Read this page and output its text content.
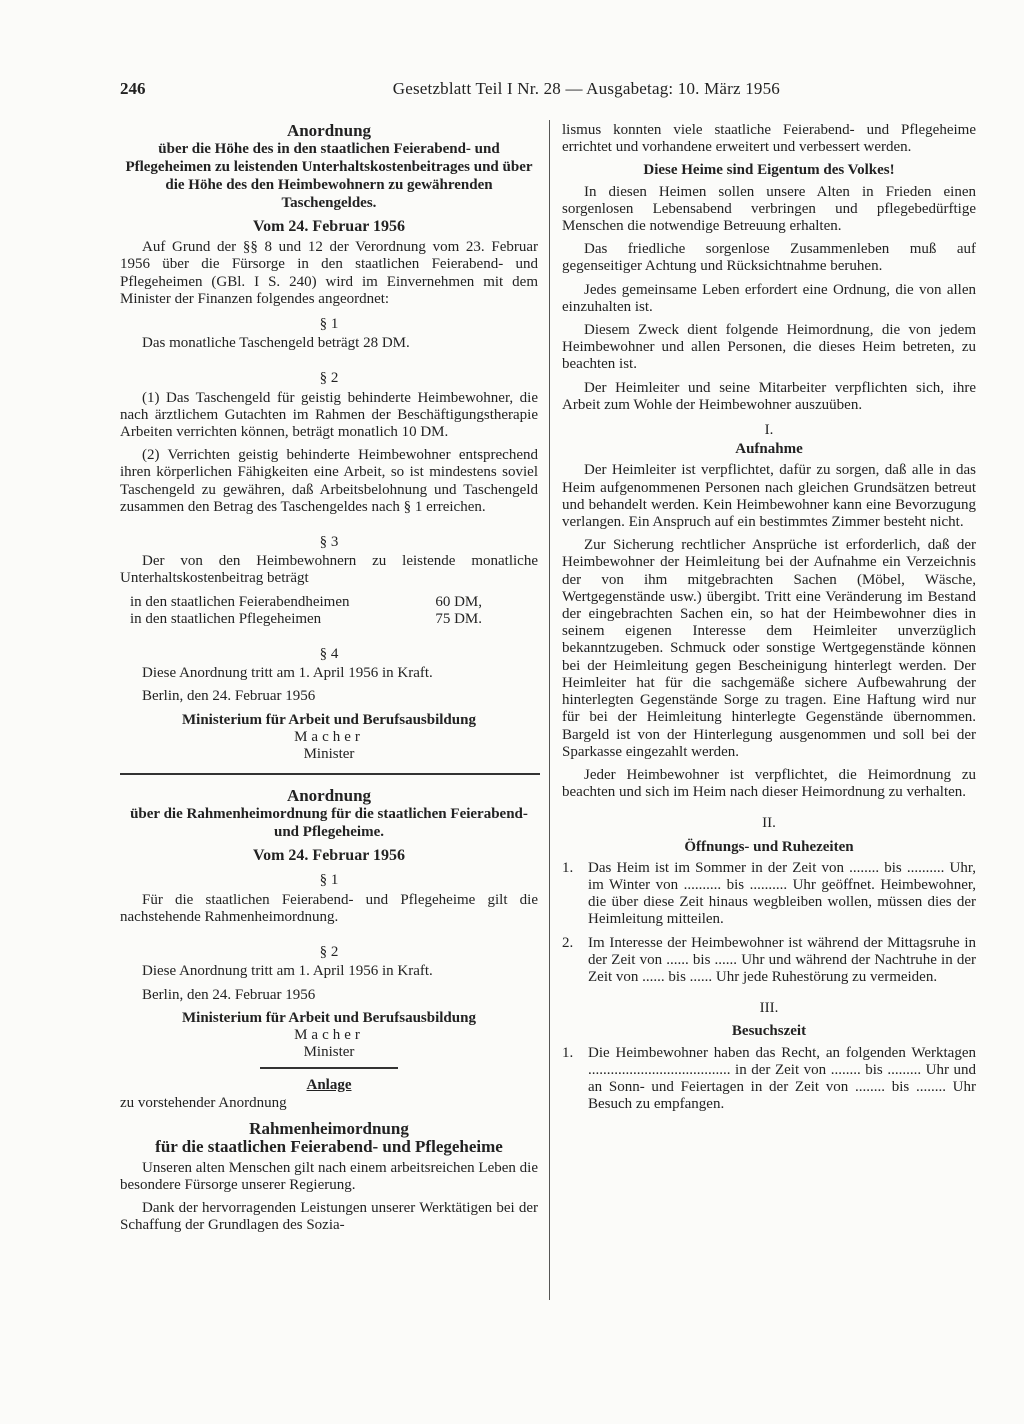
246	Gesetzblatt Teil I Nr. 28 — Ausgabetag: 10. März 1956
Anordnung
über die Höhe des in den staatlichen Feierabend- und Pflegeheimen zu leistenden Unterhaltskostenbeitrages und über die Höhe des den Heimbewohnern zu gewährenden Taschengeldes.
Vom 24. Februar 1956

Auf Grund der §§ 8 und 12 der Verordnung vom 23. Februar 1956 über die Fürsorge in den staatlichen Feierabend- und Pflegeheimen (GBl. I S. 240) wird im Einvernehmen mit dem Minister der Finanzen folgendes angeordnet:

§ 1

Das monatliche Taschengeld beträgt 28 DM.

§ 2

(1) Das Taschengeld für geistig behinderte Heimbewohner, die nach ärztlichem Gutachten im Rahmen der Beschäftigungstherapie Arbeiten verrichten können, beträgt monatlich 10 DM.

(2) Verrichten geistig behinderte Heimbewohner entsprechend ihren körperlichen Fähigkeiten eine Arbeit, so ist mindestens soviel Taschengeld zu gewähren, daß Arbeitsbelohnung und Taschengeld zusammen den Betrag des Taschengeldes nach § 1 erreichen.

§ 3

Der von den Heimbewohnern zu leistende monatliche Unterhaltskostenbeitrag beträgt

in den staatlichen Feierabendheimen	60 DM,
in den staatlichen Pflegeheimen	75 DM.
§ 4

Diese Anordnung tritt am 1. April 1956 in Kraft.

Berlin, den 24. Februar 1956

Ministerium für Arbeit und Berufsausbildung
Macher
Minister
Anordnung
über die Rahmenheimordnung für die staatlichen Feierabend- und Pflegeheime.
Vom 24. Februar 1956
§ 1

Für die staatlichen Feierabend- und Pflegeheime gilt die nachstehende Rahmenheimordnung.

§ 2

Diese Anordnung tritt am 1. April 1956 in Kraft.

Berlin, den 24. Februar 1956

Ministerium für Arbeit und Berufsausbildung
Macher
Minister
Anlage
zu vorstehender Anordnung
Rahmenheimordnung
für die staatlichen Feierabend- und Pflegeheime

Unseren alten Menschen gilt nach einem arbeitsreichen Leben die besondere Fürsorge unserer Regierung.

Dank der hervorragenden Leistungen unserer Werktätigen bei der Schaffung der Grundlagen des Sozia-

lismus konnten viele staatliche Feierabend- und Pflegeheime errichtet und vorhandene erweitert und verbessert werden.

Diese Heime sind Eigentum des Volkes!

In diesen Heimen sollen unsere Alten in Frieden einen sorgenlosen Lebensabend verbringen und pflegebedürftige Menschen die notwendige Betreuung erhalten.

Das friedliche sorgenlose Zusammenleben muß auf gegenseitiger Achtung und Rücksichtnahme beruhen.

Jedes gemeinsame Leben erfordert eine Ordnung, die von allen einzuhalten ist.

Diesem Zweck dient folgende Heimordnung, die von jedem Heimbewohner und allen Personen, die dieses Heim betreten, zu beachten ist.

Der Heimleiter und seine Mitarbeiter verpflichten sich, ihre Arbeit zum Wohle der Heimbewohner auszuüben.

I.
Aufnahme

Der Heimleiter ist verpflichtet, dafür zu sorgen, daß alle in das Heim aufgenommenen Personen nach gleichen Grundsätzen betreut und behandelt werden. Kein Heimbewohner kann eine Bevorzugung verlangen. Ein Anspruch auf ein bestimmtes Zimmer besteht nicht.

Zur Sicherung rechtlicher Ansprüche ist erforderlich, daß der Heimbewohner der Heimleitung bei der Aufnahme ein Verzeichnis der von ihm mitgebrachten Sachen (Möbel, Wäsche, Wertgegenstände usw.) übergibt. Tritt eine Veränderung im Bestand der eingebrachten Sachen ein, so hat der Heimbewohner dies in seinem eigenen Interesse dem Heimleiter unverzüglich bekanntzugeben. Schmuck oder sonstige Wertgegenstände können bei der Heimleitung gegen Bescheinigung hinterlegt werden. Der Heimleiter hat für die sachgemäße sichere Aufbewahrung der hinterlegten Gegenstände Sorge zu tragen. Eine Haftung wird nur für bei der Heimleitung hinterlegte Gegenstände übernommen. Bargeld ist von der Hinterlegung ausgenommen und soll bei der Sparkasse eingezahlt werden.

Jeder Heimbewohner ist verpflichtet, die Heimordnung zu beachten und sich im Heim nach dieser Heimordnung zu verhalten.

II.
Öffnungs- und Ruhezeiten
1. Das Heim ist im Sommer in der Zeit von ........ bis .......... Uhr, im Winter von .......... bis .......... Uhr geöffnet. Heimbewohner, die über diese Zeit hinaus wegbleiben wollen, müssen dies der Heimleitung mitteilen.
2. Im Interesse der Heimbewohner ist während der Mittagsruhe in der Zeit von ...... bis ...... Uhr und während der Nachtruhe in der Zeit von ...... bis ...... Uhr jede Ruhestörung zu vermeiden.
III.
Besuchszeit
1. Die Heimbewohner haben das Recht, an folgenden Werktagen ...................................... in der Zeit von ........ bis ......... Uhr und an Sonn- und Feiertagen in der Zeit von ........ bis ........ Uhr Besuch zu empfangen.
